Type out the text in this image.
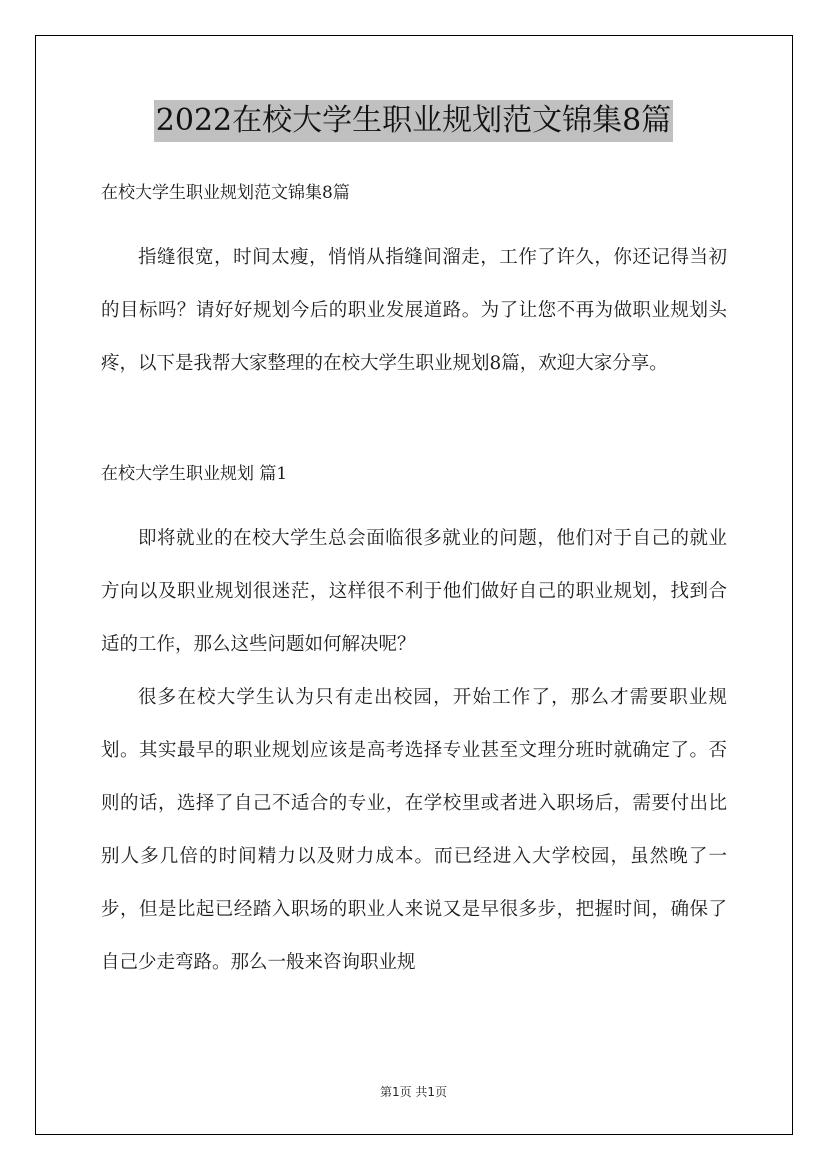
2022在校大学生职业规划范文锦集8篇

在校大学生职业规划范文锦集8篇

指缝很宽，时间太瘦，悄悄从指缝间溜走，工作了许久，你还记得当初的目标吗？请好好规划今后的职业发展道路。为了让您不再为做职业规划头疼，以下是我帮大家整理的在校大学生职业规划8篇，欢迎大家分享。

在校大学生职业规划 篇1

即将就业的在校大学生总会面临很多就业的问题，他们对于自己的就业方向以及职业规划很迷茫，这样很不利于他们做好自己的职业规划，找到合适的工作，那么这些问题如何解决呢？

很多在校大学生认为只有走出校园，开始工作了，那么才需要职业规划。其实最早的职业规划应该是高考选择专业甚至文理分班时就确定了。否则的话，选择了自己不适合的专业，在学校里或者进入职场后，需要付出比别人多几倍的时间精力以及财力成本。而已经进入大学校园，虽然晚了一步，但是比起已经踏入职场的职业人来说又是早很多步，把握时间，确保了自己少走弯路。那么一般来咨询职业规

第1页 共1页
